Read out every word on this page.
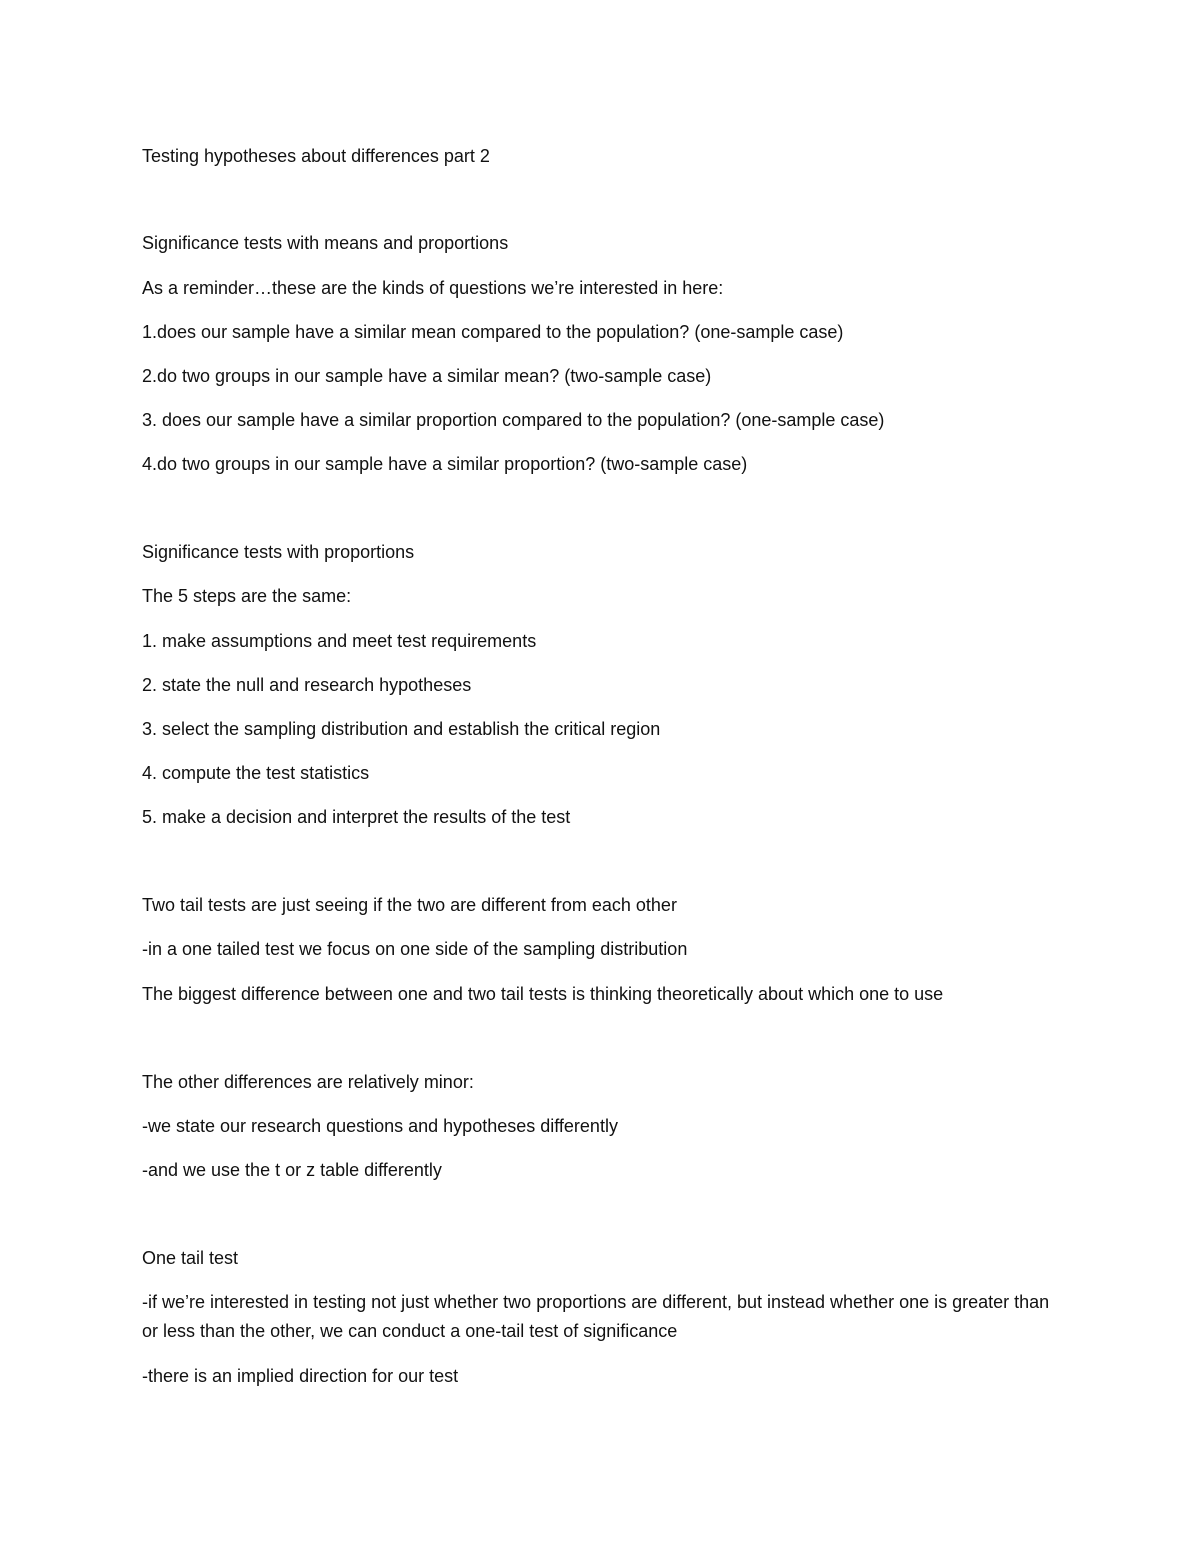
Testing hypotheses about differences part 2

Significance tests with means and proportions

As a reminder…these are the kinds of questions we’re interested in here:

1.does our sample have a similar mean compared to the population? (one-sample case)

2.do two groups in our sample have a similar mean? (two-sample case)

3. does our sample have a similar proportion compared to the population? (one-sample case)

4.do two groups in our sample have a similar proportion? (two-sample case)

Significance tests with proportions

The 5 steps are the same:

1. make assumptions and meet test requirements

2. state the null and research hypotheses

3. select the sampling distribution and establish the critical region

4. compute the test statistics

5. make a decision and interpret the results of the test

Two tail tests are just seeing if the two are different from each other

-in a one tailed test we focus on one side of the sampling distribution

The biggest difference between one and two tail tests is thinking theoretically about which one to use

The other differences are relatively minor:

-we state our research questions and hypotheses differently

-and we use the t or z table differently

One tail test

-if we’re interested in testing not just whether two proportions are different, but instead whether one is greater than or less than the other, we can conduct a one-tail test of significance

-there is an implied direction for our test
